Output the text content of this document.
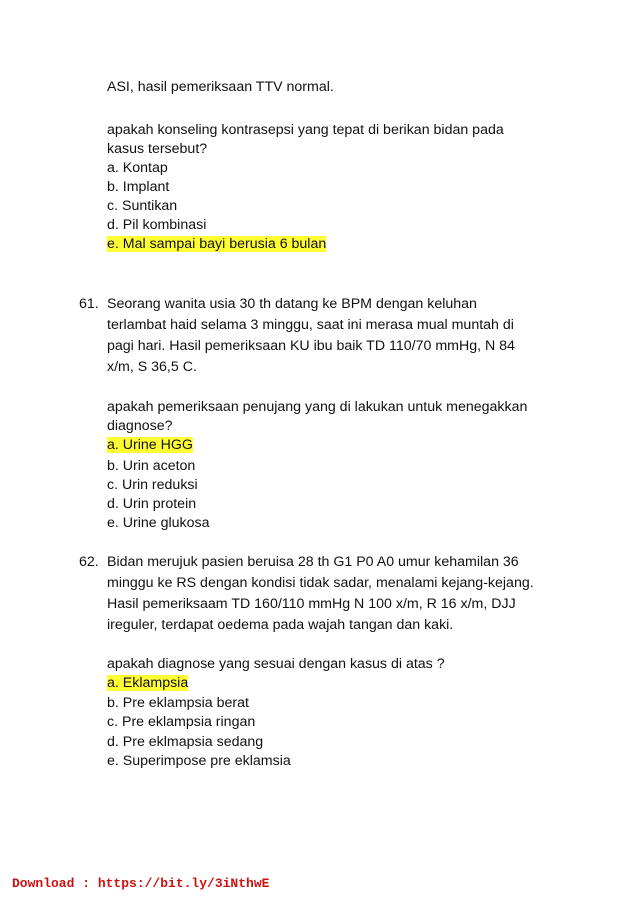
ASI, hasil pemeriksaan TTV normal.
apakah konseling kontrasepsi yang tepat di berikan bidan pada
kasus tersebut?
a. Kontap
b. Implant
c. Suntikan
d. Pil kombinasi
e. Mal sampai bayi berusia 6 bulan
61. Seorang wanita usia 30 th datang ke BPM dengan keluhan
terlambat haid selama 3 minggu, saat ini merasa mual muntah di
pagi hari. Hasil pemeriksaan KU ibu baik TD 110/70 mmHg, N 84
x/m, S 36,5 C.
apakah pemeriksaan penujang yang di lakukan untuk menegakkan
diagnose?
a. Urine HGG
b. Urin aceton
c. Urin reduksi
d. Urin protein
e. Urine glukosa
62. Bidan merujuk pasien beruisa 28 th G1 P0 A0 umur kehamilan 36
minggu ke RS dengan kondisi tidak sadar, menalami kejang-kejang.
Hasil pemeriksaam TD 160/110 mmHg N 100 x/m, R 16 x/m, DJJ
ireguler, terdapat oedema pada wajah tangan dan kaki.
apakah diagnose yang sesuai dengan kasus di atas ?
a. Eklampsia
b. Pre eklampsia berat
c. Pre eklampsia ringan
d. Pre eklmapsia sedang
e. Superimpose pre eklamsia
Download : https://bit.ly/3iNthwE
